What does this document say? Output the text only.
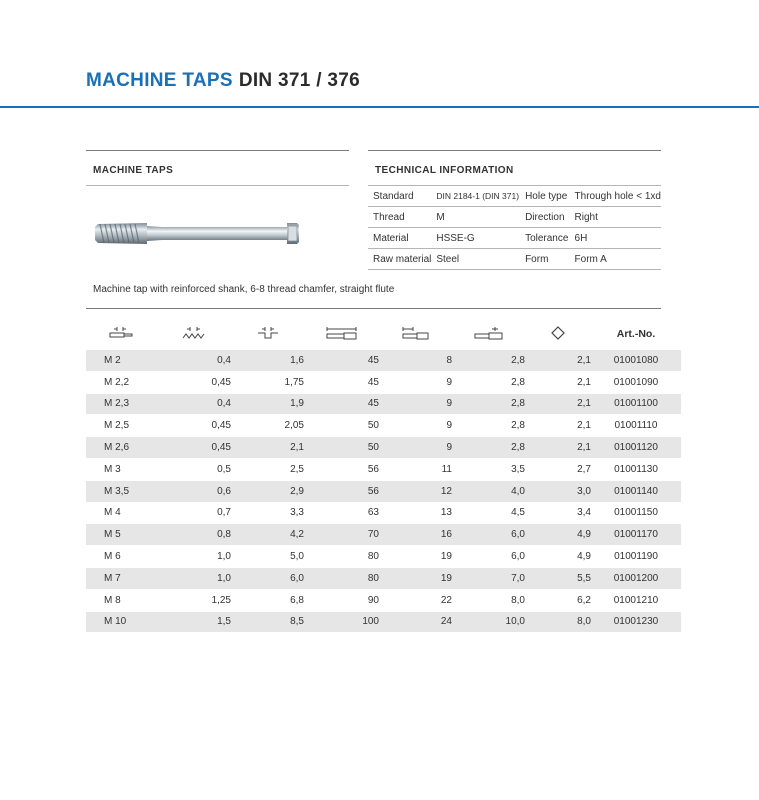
MACHINE TAPS DIN 371 / 376
MACHINE TAPS	TECHNICAL INFORMATION
Standard	DIN 2184-1 (DIN 371)	Hole type	Through hole < 1xd
Thread	M	Direction	Right
Material	HSSE-G	Tolerance	6H
Raw material	Steel	Form	Form A
Machine tap with reinforced shank, 6-8 thread chamfer, straight flute
							Art.-No.
M 2	0,4	1,6	45	8	2,8	2,1	01001080
M 2,2	0,45	1,75	45	9	2,8	2,1	01001090
M 2,3	0,4	1,9	45	9	2,8	2,1	01001100
M 2,5	0,45	2,05	50	9	2,8	2,1	01001110
M 2,6	0,45	2,1	50	9	2,8	2,1	01001120
M 3	0,5	2,5	56	11	3,5	2,7	01001130
M 3,5	0,6	2,9	56	12	4,0	3,0	01001140
M 4	0,7	3,3	63	13	4,5	3,4	01001150
M 5	0,8	4,2	70	16	6,0	4,9	01001170
M 6	1,0	5,0	80	19	6,0	4,9	01001190
M 7	1,0	6,0	80	19	7,0	5,5	01001200
M 8	1,25	6,8	90	22	8,0	6,2	01001210
M 10	1,5	8,5	100	24	10,0	8,0	01001230
